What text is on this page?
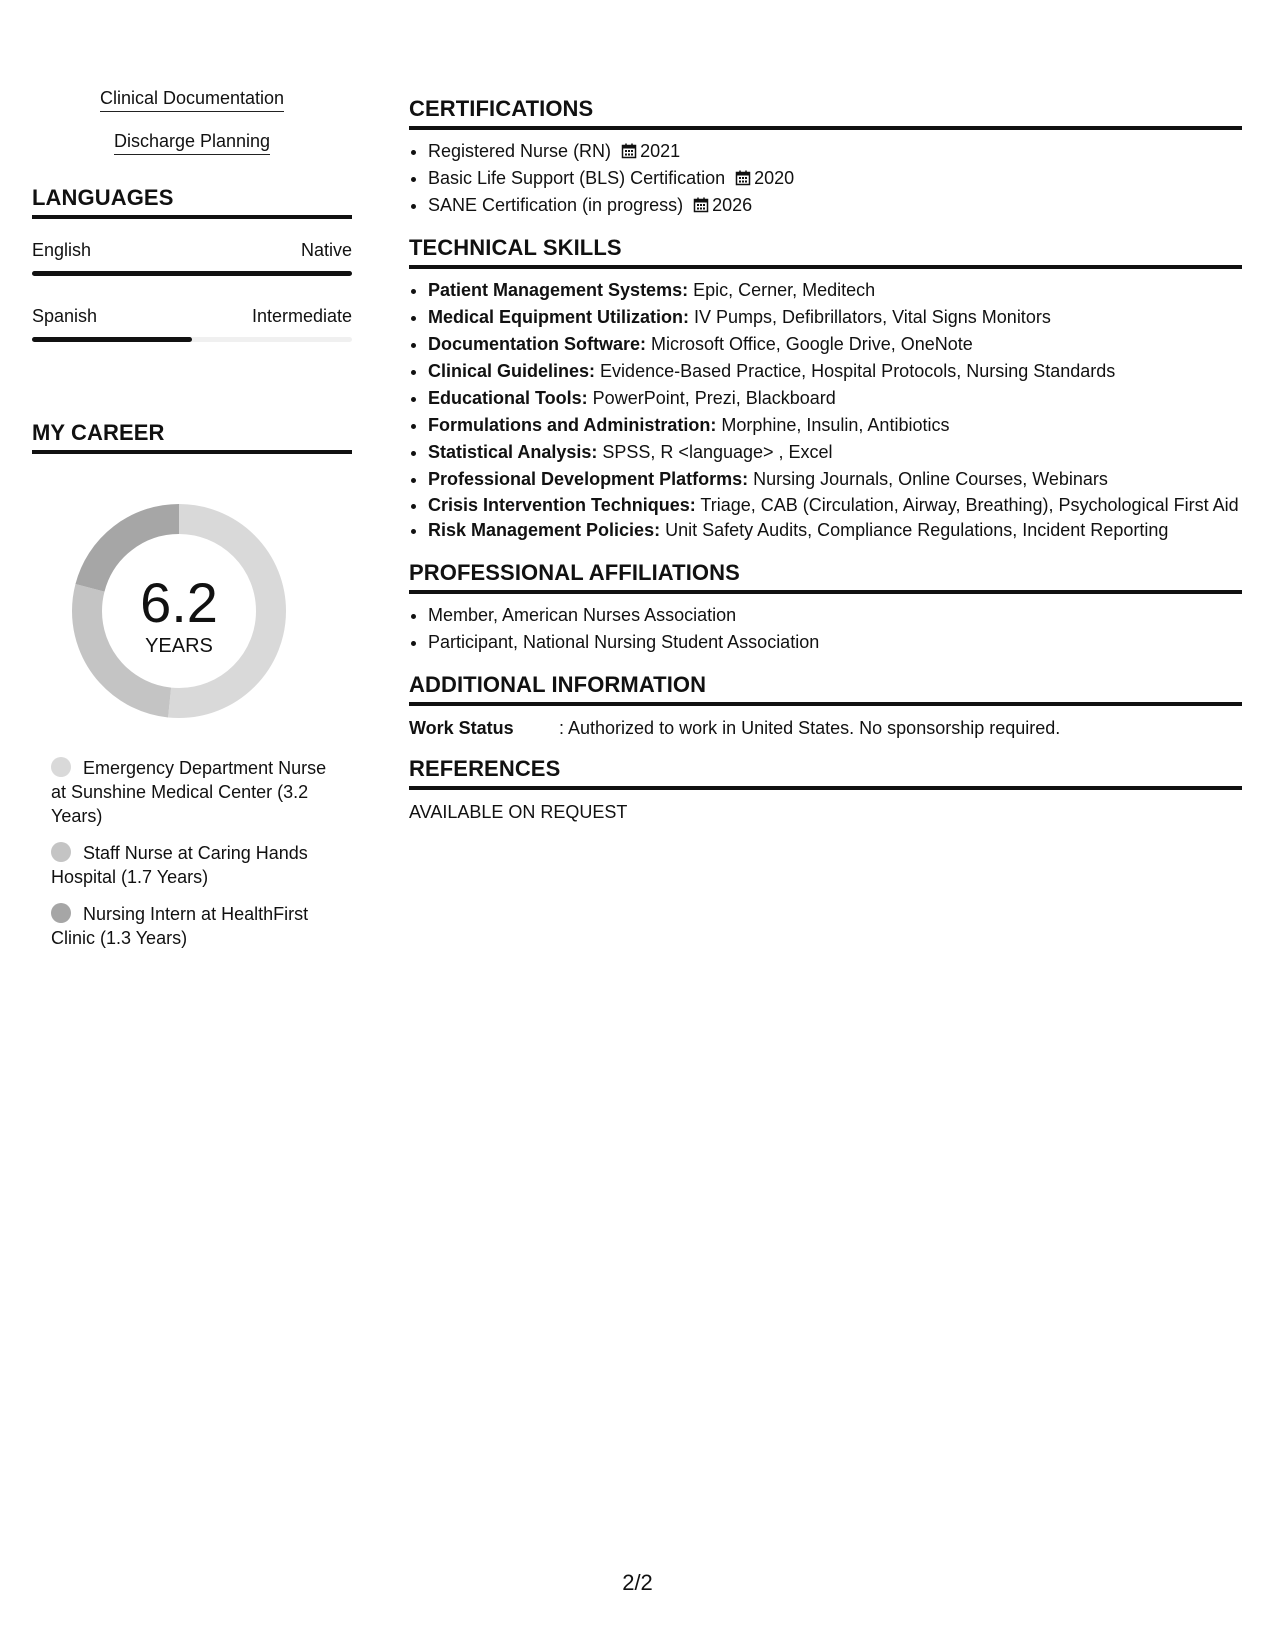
Clinical Documentation
Discharge Planning
LANGUAGES
English	Native
Spanish	Intermediate
MY CAREER
6.2
YEARS
Emergency Department Nurse at Sunshine Medical Center (3.2 Years)
Staff Nurse at Caring Hands Hospital (1.7 Years)
Nursing Intern at HealthFirst Clinic (1.3 Years)
CERTIFICATIONS
• Registered Nurse (RN) 2021
• Basic Life Support (BLS) Certification 2020
• SANE Certification (in progress) 2026
TECHNICAL SKILLS
• Patient Management Systems: Epic, Cerner, Meditech
• Medical Equipment Utilization: IV Pumps, Defibrillators, Vital Signs Monitors
• Documentation Software: Microsoft Office, Google Drive, OneNote
• Clinical Guidelines: Evidence-Based Practice, Hospital Protocols, Nursing Standards
• Educational Tools: PowerPoint, Prezi, Blackboard
• Formulations and Administration: Morphine, Insulin, Antibiotics
• Statistical Analysis: SPSS, R <language> , Excel
• Professional Development Platforms: Nursing Journals, Online Courses, Webinars
• Crisis Intervention Techniques: Triage, CAB (Circulation, Airway, Breathing), Psychological First Aid
• Risk Management Policies: Unit Safety Audits, Compliance Regulations, Incident Reporting
PROFESSIONAL AFFILIATIONS
• Member, American Nurses Association
• Participant, National Nursing Student Association
ADDITIONAL INFORMATION
Work Status	: Authorized to work in United States. No sponsorship required.
REFERENCES
AVAILABLE ON REQUEST
2/2
